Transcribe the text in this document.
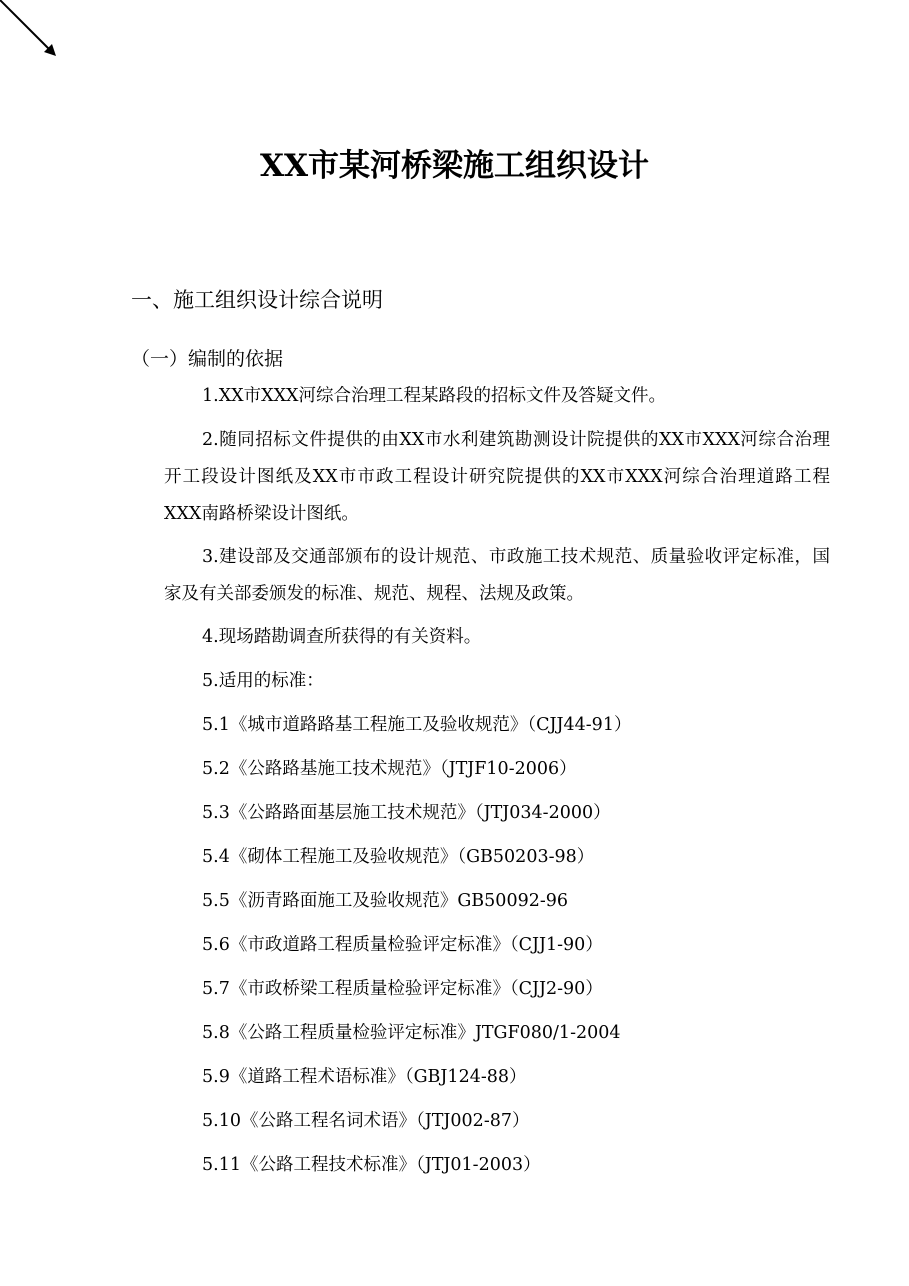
XX市某河桥梁施工组织设计
一、施工组织设计综合说明
（一）编制的依据

1.XX市XXX河综合治理工程某路段的招标文件及答疑文件。

2.随同招标文件提供的由XX市水利建筑勘测设计院提供的XX市XXX河综合治理开工段设计图纸及XX市市政工程设计研究院提供的XX市XXX河综合治理道路工程XXX南路桥梁设计图纸。

3.建设部及交通部颁布的设计规范、市政施工技术规范、质量验收评定标准，国家及有关部委颁发的标准、规范、规程、法规及政策。

4.现场踏勘调查所获得的有关资料。

5.适用的标准：

5.1《城市道路路基工程施工及验收规范》（CJJ44-91）

5.2《公路路基施工技术规范》（JTJF10-2006）

5.3《公路路面基层施工技术规范》（JTJ034-2000）

5.4《砌体工程施工及验收规范》（GB50203-98）

5.5《沥青路面施工及验收规范》GB50092-96

5.6《市政道路工程质量检验评定标准》（CJJ1-90）

5.7《市政桥梁工程质量检验评定标准》（CJJ2-90）

5.8《公路工程质量检验评定标准》JTGF080/1-2004

5.9《道路工程术语标准》（GBJ124-88）

5.10《公路工程名词术语》（JTJ002-87）

5.11《公路工程技术标准》（JTJ01-2003）
